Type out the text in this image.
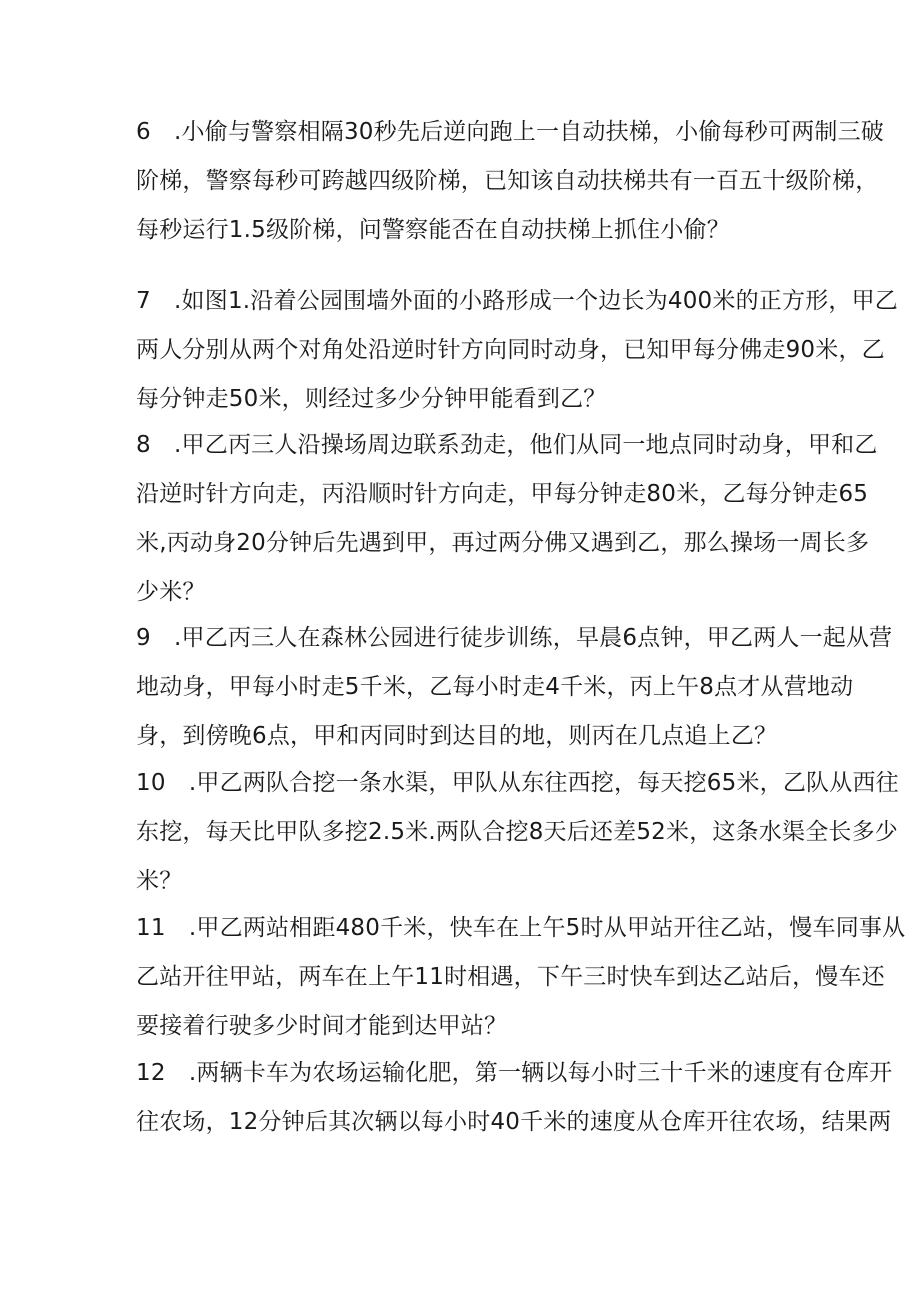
6　.小偷与警察相隔30秒先后逆向跑上一自动扶梯，小偷每秒可两制三破
阶梯，警察每秒可跨越四级阶梯，已知该自动扶梯共有一百五十级阶梯，
每秒运行1.5级阶梯，问警察能否在自动扶梯上抓住小偷？
7　.如图1.沿着公园围墙外面的小路形成一个边长为400米的正方形，甲乙
两人分别从两个对角处沿逆时针方向同时动身，已知甲每分佛走90米，乙
每分钟走50米，则经过多少分钟甲能看到乙？
8　.甲乙丙三人沿操场周边联系劲走，他们从同一地点同时动身，甲和乙
沿逆时针方向走，丙沿顺时针方向走，甲每分钟走80米，乙每分钟走65
米,丙动身20分钟后先遇到甲，再过两分佛又遇到乙，那么操场一周长多
少米？
9　.甲乙丙三人在森林公园进行徒步训练，早晨6点钟，甲乙两人一起从营
地动身，甲每小时走5千米，乙每小时走4千米，丙上午8点才从营地动
身，到傍晚6点，甲和丙同时到达目的地，则丙在几点追上乙？
10　.甲乙两队合挖一条水渠，甲队从东往西挖，每天挖65米，乙队从西往
东挖，每天比甲队多挖2.5米.两队合挖8天后还差52米，这条水渠全长多少
米？
11　.甲乙两站相距480千米，快车在上午5时从甲站开往乙站，慢车同事从
乙站开往甲站，两车在上午11时相遇，下午三时快车到达乙站后，慢车还
要接着行驶多少时间才能到达甲站？
12　.两辆卡车为农场运输化肥，第一辆以每小时三十千米的速度有仓库开
往农场，12分钟后其次辆以每小时40千米的速度从仓库开往农场，结果两
